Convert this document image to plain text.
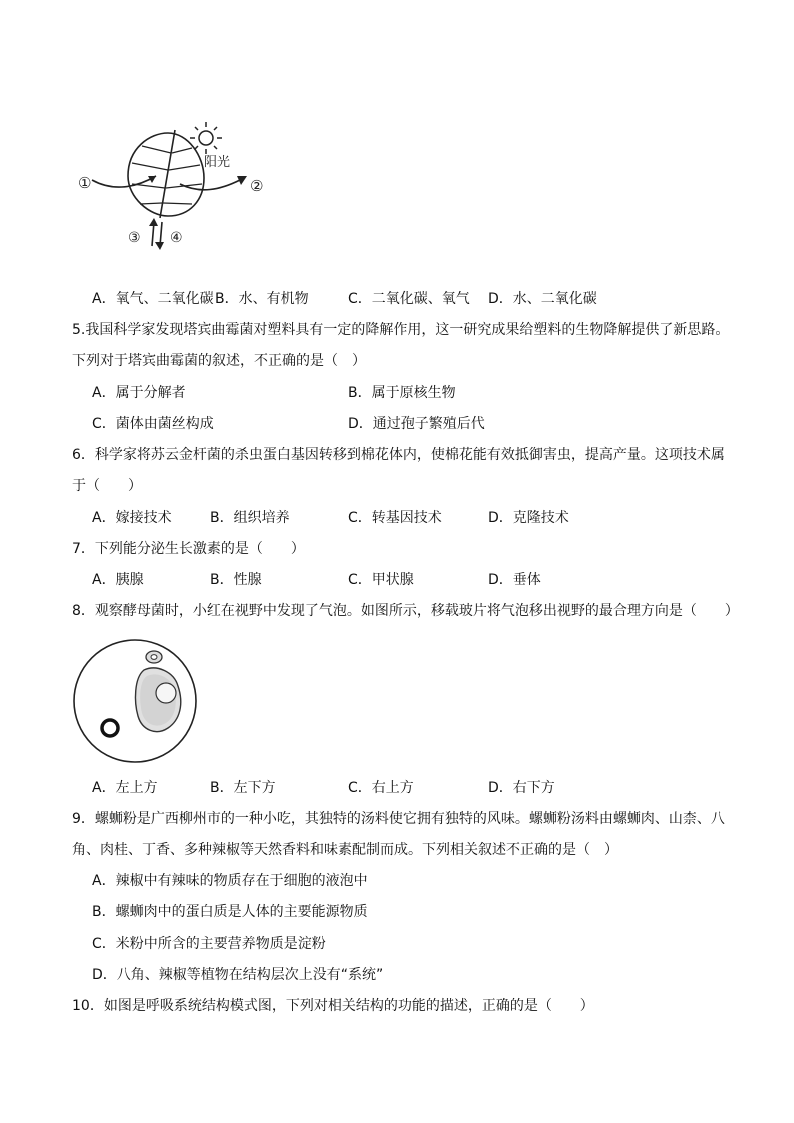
①	②
③ ④
阳光
A．氧气、二氧化碳 B．水、有机物	C．二氧化碳、氧气 D．水、二氧化碳
5.我国科学家发现塔宾曲霉菌对塑料具有一定的降解作用，这一研究成果给塑料的生物降解提供了新思路。
下列对于塔宾曲霉菌的叙述，不正确的是（　）
A．属于分解者	B．属于原核生物
C．菌体由菌丝构成	D．通过孢子繁殖后代
6．科学家将苏云金杆菌的杀虫蛋白基因转移到棉花体内，使棉花能有效抵御害虫，提高产量。这项技术属
于（　　）
A．嫁接技术	B．组织培养	C．转基因技术	D．克隆技术
7．下列能分泌生长激素的是（　　）
A．胰腺	B．性腺	C．甲状腺	D．垂体
8．观察酵母菌时，小红在视野中发现了气泡。如图所示，移载玻片将气泡移出视野的最合理方向是（　　）
A．左上方	B．左下方	C．右上方	D．右下方
9．螺蛳粉是广西柳州市的一种小吃，其独特的汤料使它拥有独特的风味。螺蛳粉汤料由螺蛳肉、山柰、八
角、肉桂、丁香、多种辣椒等天然香料和味素配制而成。下列相关叙述不正确的是（　）
A．辣椒中有辣味的物质存在于细胞的液泡中
B．螺蛳肉中的蛋白质是人体的主要能源物质
C．米粉中所含的主要营养物质是淀粉
D．八角、辣椒等植物在结构层次上没有“系统”
10．如图是呼吸系统结构模式图，下列对相关结构的功能的描述，正确的是（　　）
